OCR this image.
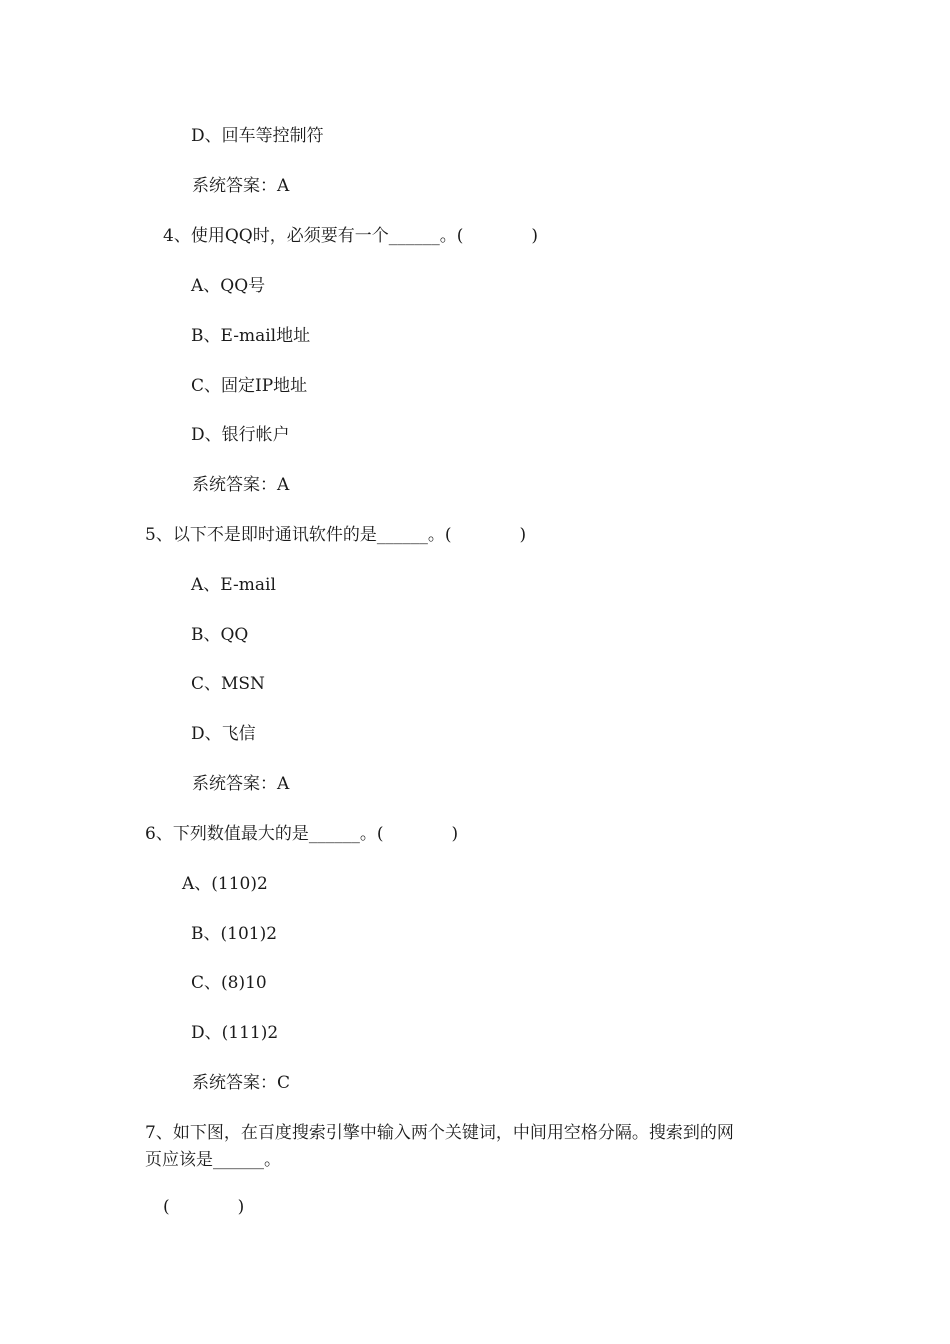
D、回车等控制符
系统答案：A
4、使用QQ时，必须要有一个______。(　　　　)
A、QQ号
B、E-mail地址
C、固定IP地址
D、银行帐户
系统答案：A
5、以下不是即时通讯软件的是______。(　　　　)
A、E-mail
B、QQ
C、MSN
D、飞信
系统答案：A
6、下列数值最大的是______。(　　　　)
A、(110)2
B、(101)2
C、(8)10
D、(111)2
系统答案：C
7、如下图，在百度搜索引擎中输入两个关键词，中间用空格分隔。搜索到的网
页应该是______。
(　　　　)
